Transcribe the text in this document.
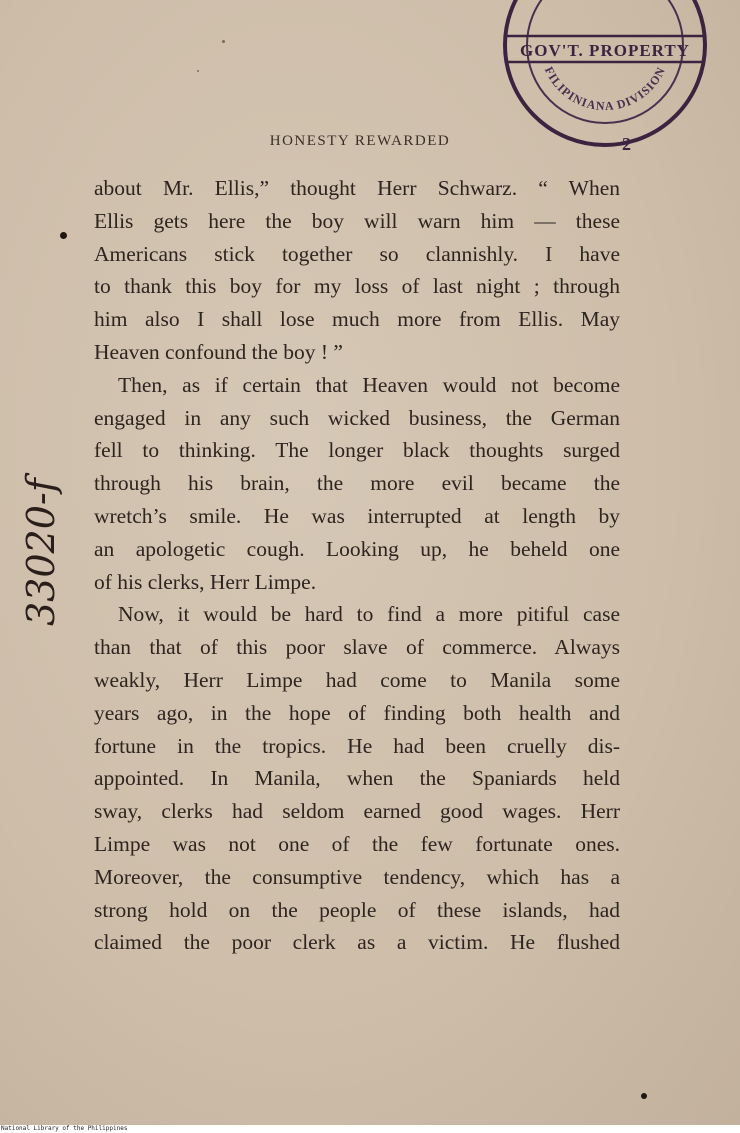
GOV'T. PROPERTY
FILIPINIANA DIVISION
2
HONESTY REWARDED
33020-f
about Mr. Ellis,” thought Herr Schwarz. “ When
Ellis gets here the boy will warn him — these
Americans stick together so clannishly. I have
to thank this boy for my loss of last night ; through
him also I shall lose much more from Ellis. May
Heaven confound the boy ! ”
Then, as if certain that Heaven would not become
engaged in any such wicked business, the German
fell to thinking. The longer black thoughts surged
through his brain, the more evil became the
wretch’s smile. He was interrupted at length by
an apologetic cough. Looking up, he beheld one
of his clerks, Herr Limpe.
Now, it would be hard to find a more pitiful case
than that of this poor slave of commerce. Always
weakly, Herr Limpe had come to Manila some
years ago, in the hope of finding both health and
fortune in the tropics. He had been cruelly dis-
appointed. In Manila, when the Spaniards held
sway, clerks had seldom earned good wages. Herr
Limpe was not one of the few fortunate ones.
Moreover, the consumptive tendency, which has a
strong hold on the people of these islands, had
claimed the poor clerk as a victim. He flushed
National Library of the Philippines
